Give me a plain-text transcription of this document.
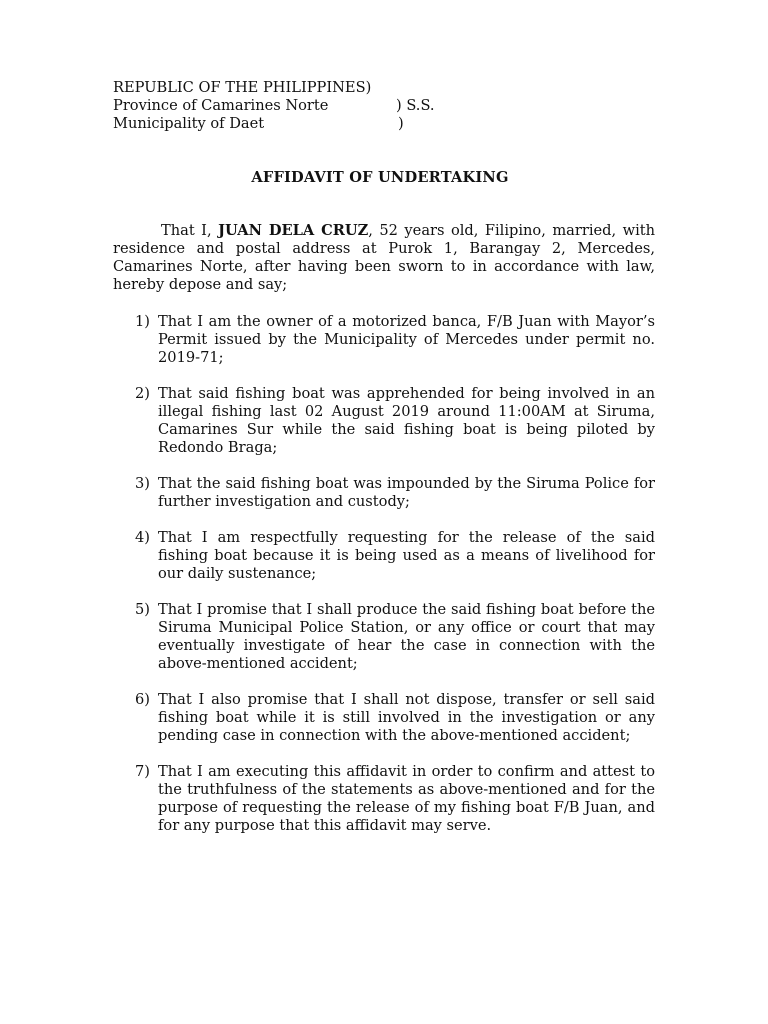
REPUBLIC OF THE PHILIPPINES)
Province of Camarines Norte	) S.S.
Municipality of Daet	)
AFFIDAVIT OF UNDERTAKING

That I, JUAN DELA CRUZ, 52 years old, Filipino, married, with residence and postal address at Purok 1, Barangay 2, Mercedes, Camarines Norte, after having been sworn to in accordance with law, hereby depose and say;

1) That I am the owner of a motorized banca, F/B Juan with Mayor’s Permit issued by the Municipality of Mercedes under permit no. 2019-71;
2) That said fishing boat was apprehended for being involved in an illegal fishing last 02 August 2019 around 11:00AM at Siruma, Camarines Sur while the said fishing boat is being piloted by Redondo Braga;
3) That the said fishing boat was impounded by the Siruma Police for further investigation and custody;
4) That I am respectfully requesting for the release of the said fishing boat because it is being used as a means of livelihood for our daily sustenance;
5) That I promise that I shall produce the said fishing boat before the Siruma Municipal Police Station, or any office or court that may eventually investigate of hear the case in connection with the above-mentioned accident;
6) That I also promise that I shall not dispose, transfer or sell said fishing boat while it is still involved in the investigation or any pending case in connection with the above-mentioned accident;
7) That I am executing this affidavit in order to confirm and attest to the truthfulness of the statements as above-mentioned and for the purpose of requesting the release of my fishing boat F/B Juan, and for any purpose that this affidavit may serve.
